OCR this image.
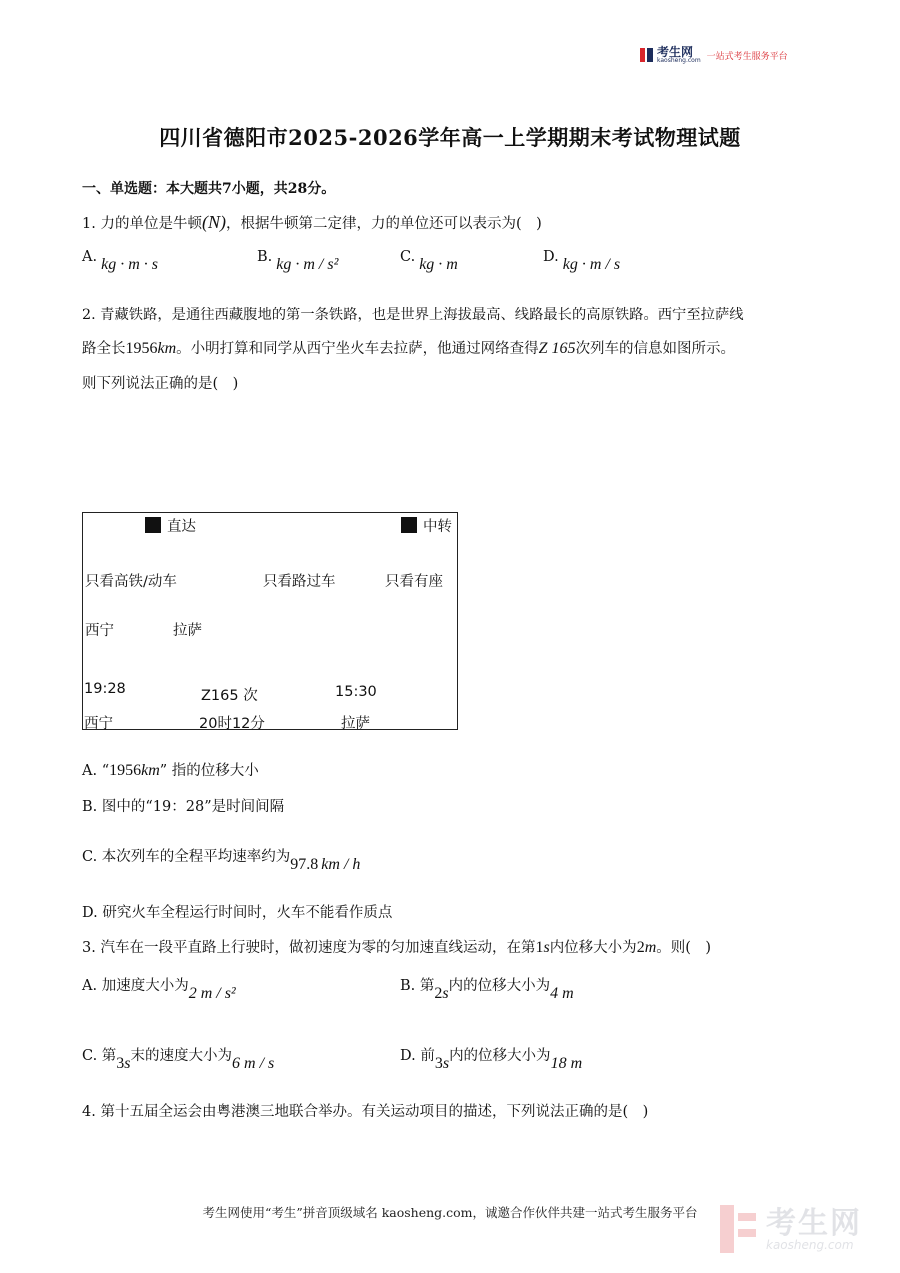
考生网
kaosheng.com 一站式考生服务平台
四川省德阳市2025-2026学年高一上学期期末考试物理试题
一、单选题：本大题共7小题，共28分。
1. 力的单位是牛顿(N)，根据牛顿第二定律，力的单位还可以表示为(　)
A. kg · m · s	B. kg · m / s²	C. kg · m	D. kg · m / s
2. 青藏铁路，是通往西藏腹地的第一条铁路，也是世界上海拔最高、线路最长的高原铁路。西宁至拉萨线
路全长1956km。小明打算和同学从西宁坐火车去拉萨，他通过网络查得Z 165次列车的信息如图所示。
则下列说法正确的是(　)
直达	中转
只看高铁/动车	只看路过车	只看有座
西宁	拉萨
19:28	Z165 次	15:30
西宁	20时12分	拉萨
A. “1956km” 指的位移大小
B. 图中的“19：28”是时间间隔
C. 本次列车的全程平均速率约为97.8 km / h
D. 研究火车全程运行时间时，火车不能看作质点
3. 汽车在一段平直路上行驶时，做初速度为零的匀加速直线运动，在第1s内位移大小为2m。则(　)
A. 加速度大小为2 m / s²	B. 第2s内的位移大小为4 m
C. 第3s末的速度大小为6 m / s	D. 前3s内的位移大小为18 m
4. 第十五届全运会由粤港澳三地联合举办。有关运动项目的描述，下列说法正确的是(　)
考生网使用“考生”拼音顶级域名 kaosheng.com，诚邀合作伙伴共建一站式考生服务平台	考生网
kaosheng.com
